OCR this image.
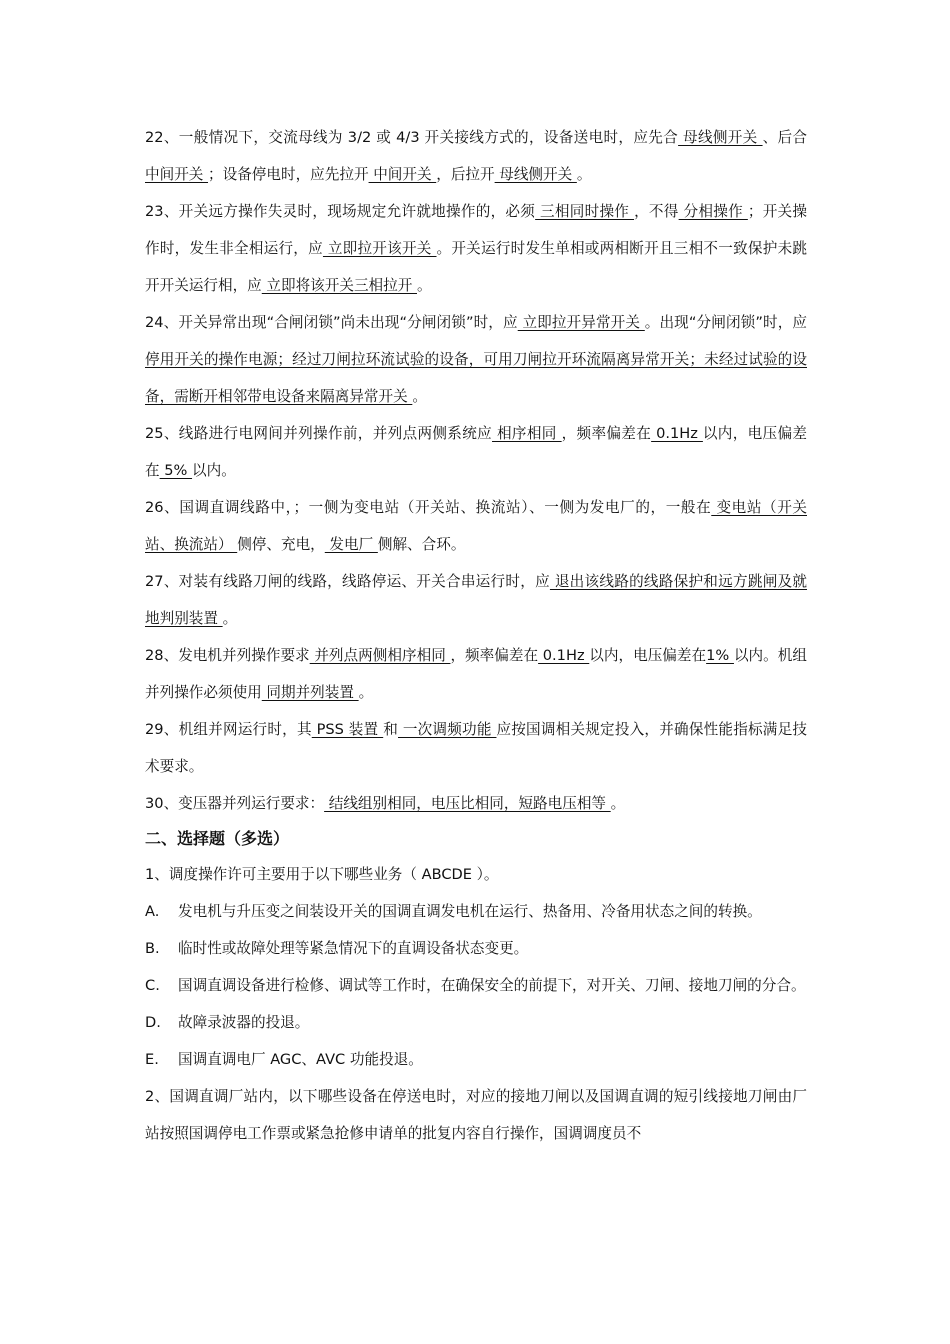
22、一般情况下，交流母线为 3/2 或 4/3 开关接线方式的，设备送电时，应先合 母线侧开关 、后合 中间开关 ；设备停电时，应先拉开 中间开关 ，后拉开 母线侧开关 。

23、开关远方操作失灵时，现场规定允许就地操作的，必须 三相同时操作 ，不得 分相操作 ；开关操作时，发生非全相运行，应 立即拉开该开关 。开关运行时发生单相或两相断开且三相不一致保护未跳开开关运行相，应 立即将该开关三相拉开 。

24、开关异常出现“合闸闭锁”尚未出现“分闸闭锁”时，应 立即拉开异常开关 。出现“分闸闭锁”时，应 停用开关的操作电源；经过刀闸拉环流试验的设备，可用刀闸拉开环流隔离异常开关；未经过试验的设备，需断开相邻带电设备来隔离异常开关 。

25、线路进行电网间并列操作前，并列点两侧系统应 相序相同 ，频率偏差在 0.1Hz 以内，电压偏差在 5% 以内。

26、国调直调线路中，；一侧为变电站（开关站、换流站）、一侧为发电厂的，一般在 变电站（开关站、换流站） 侧停、充电， 发电厂 侧解、合环。

27、对装有线路刀闸的线路，线路停运、开关合串运行时，应 退出该线路的线路保护和远方跳闸及就地判别装置 。

28、发电机并列操作要求 并列点两侧相序相同 ，频率偏差在 0.1Hz 以内，电压偏差在1% 以内。机组并列操作必须使用 同期并列装置 。

29、机组并网运行时，其 PSS 装置 和 一次调频功能 应按国调相关规定投入，并确保性能指标满足技术要求。

30、变压器并列运行要求： 结线组别相同，电压比相同，短路电压相等 。

二、选择题（多选）

1、调度操作许可主要用于以下哪些业务（ ABCDE ）。

A. 发电机与升压变之间装设开关的国调直调发电机在运行、热备用、冷备用状态之间的转换。
B. 临时性或故障处理等紧急情况下的直调设备状态变更。
C. 国调直调设备进行检修、调试等工作时，在确保安全的前提下，对开关、刀闸、接地刀闸的分合。
D. 故障录波器的投退。
E. 国调直调电厂 AGC、AVC 功能投退。

2、国调直调厂站内，以下哪些设备在停送电时，对应的接地刀闸以及国调直调的短引线接地刀闸由厂站按照国调停电工作票或紧急抢修申请单的批复内容自行操作，国调调度员不
